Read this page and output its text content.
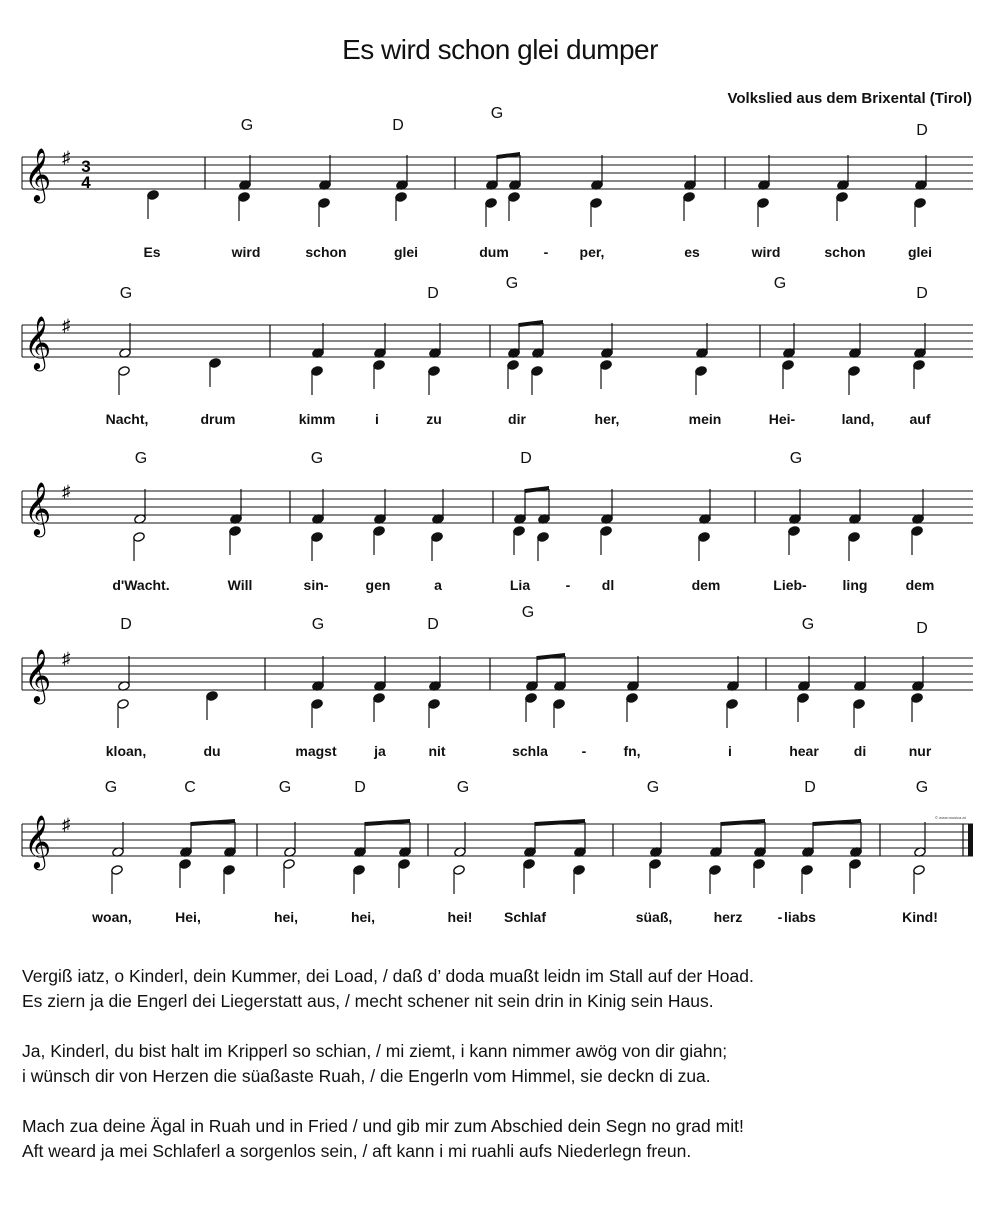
Es wird schon glei dumper
Volkslied aus dem Brixental (Tirol)
𝄞 ♯ 3
4
G	D
G
D
Es	wird	schon	glei	dum - per,	es	wird	schon	glei
𝄞 ♯
G	D
G	G
D
Nacht,	drum	kimm	i	zu	dir	her,	mein	Hei-	land,	auf
𝄞 ♯
G	G	D	G
d'Wacht.	Will	sin-	gen	a	Lia	- dl	dem	Lieb-	ling	dem
𝄞 ♯
D	G	D
G
G	D
kloan,	du	magst	ja	nit	schla -	fn,	i	hear di	nur
𝄞 ♯	© www.musica.at
G	C	G	D	G	G	D	G
woan,	Hei,	hei,	hei,	hei! Schlaf	süaß,	herz	- liabs	Kind!
Vergiß iatz, o Kinderl, dein Kummer, dei Load, / daß d’ doda muaßt leidn im Stall auf der Hoad.
Es ziern ja die Engerl dei Liegerstatt aus, / mecht schener nit sein drin in Kinig sein Haus.
Ja, Kinderl, du bist halt im Kripperl so schian, / mi ziemt, i kann nimmer awög von dir giahn;
i wünsch dir von Herzen die süaßaste Ruah, / die Engerln vom Himmel, sie deckn di zua.
Mach zua deine Ägal in Ruah und in Fried / und gib mir zum Abschied dein Segn no grad mit!
Aft weard ja mei Schlaferl a sorgenlos sein, / aft kann i mi ruahli aufs Niederlegn freun.
